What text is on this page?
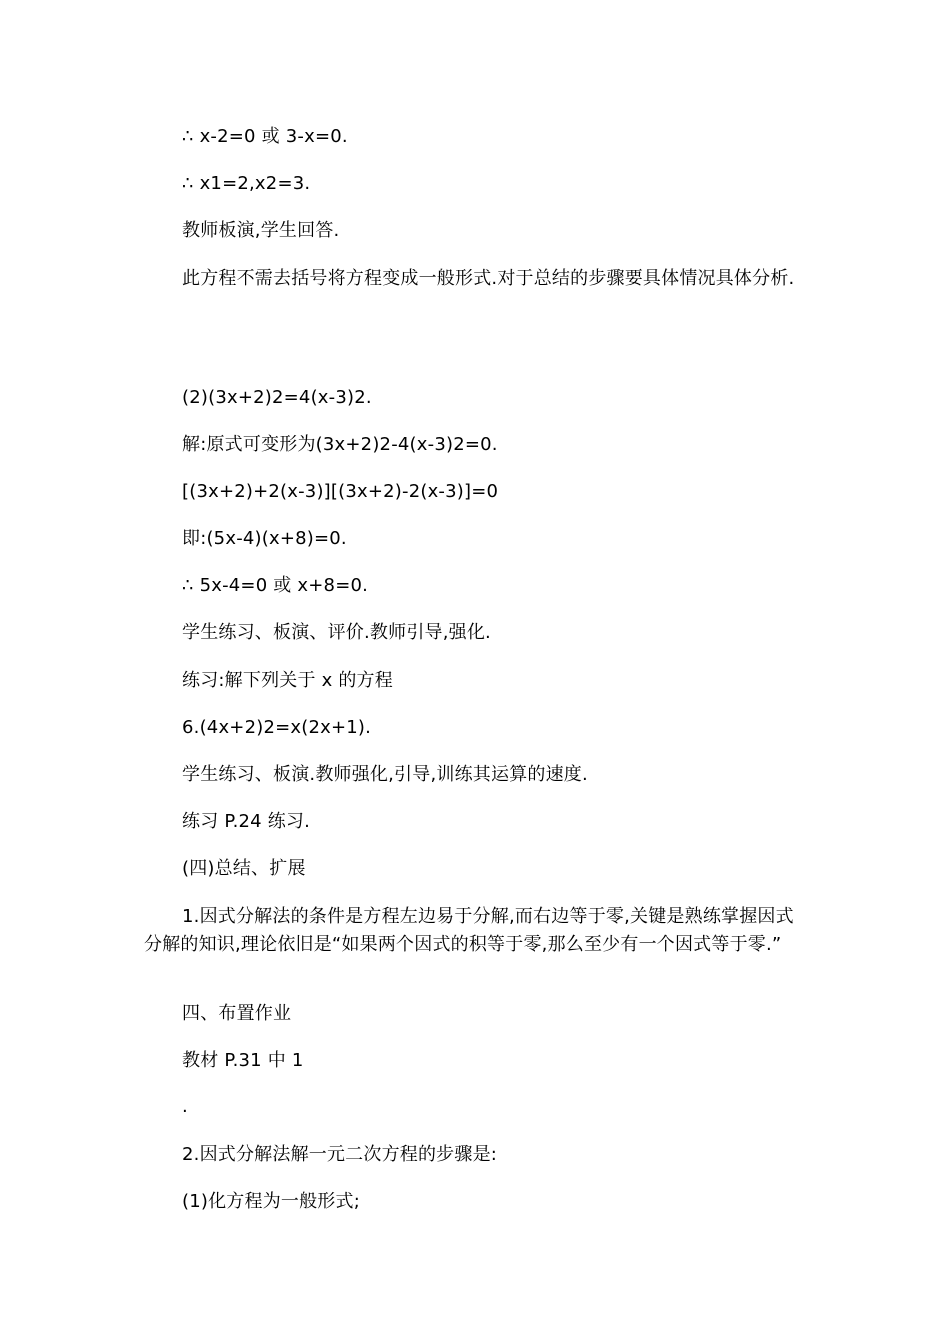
∴ x-2=0 或 3-x=0.
∴ x1=2,x2=3.
教师板演,学生回答.
此方程不需去括号将方程变成一般形式.对于总结的步骤要具体情况具体分析.
(2)(3x+2)2=4(x-3)2.
解:原式可变形为(3x+2)2-4(x-3)2=0.
[(3x+2)+2(x-3)][(3x+2)-2(x-3)]=0
即:(5x-4)(x+8)=0.
∴ 5x-4=0 或 x+8=0.
学生练习、板演、评价.教师引导,强化.
练习:解下列关于 x 的方程
6.(4x+2)2=x(2x+1).
学生练习、板演.教师强化,引导,训练其运算的速度.
练习 P.24 练习.
(四)总结、扩展
1.因式分解法的条件是方程左边易于分解,而右边等于零,关键是熟练掌握因式分解的知识,理论依旧是“如果两个因式的积等于零,那么至少有一个因式等于零.”
四、布置作业
教材 P.31 中 1
.
2.因式分解法解一元二次方程的步骤是:
(1)化方程为一般形式;
